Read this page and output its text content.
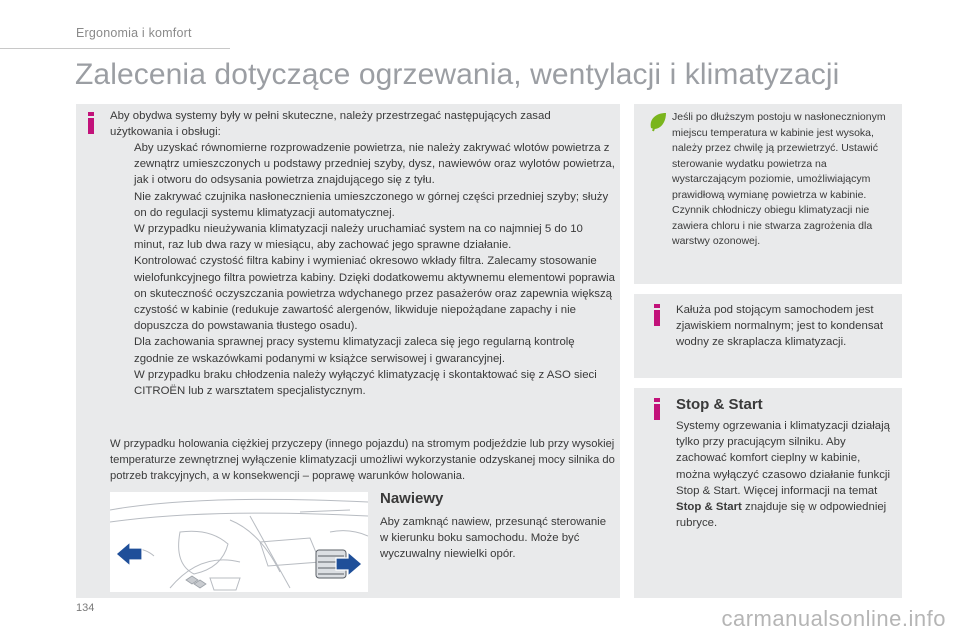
Ergonomia i komfort
Zalecenia dotyczące ogrzewania, wentylacji i klimatyzacji

Aby obydwa systemy były w pełni skuteczne, należy przestrzegać następujących zasad użytkowania i obsługi:

Aby uzyskać równomierne rozprowadzenie powietrza, nie należy zakrywać wlotów powietrza z zewnątrz umieszczonych u podstawy przedniej szyby, dysz, nawiewów oraz wylotów powietrza, jak i otworu do odsysania powietrza znajdującego się z tyłu.
Nie zakrywać czujnika nasłonecznienia umieszczonego w górnej części przedniej szyby; służy on do regulacji systemu klimatyzacji automatycznej.
W przypadku nieużywania klimatyzacji należy uruchamiać system na co najmniej 5 do 10 minut, raz lub dwa razy w miesiącu, aby zachować jego sprawne działanie.
Kontrolować czystość filtra kabiny i wymieniać okresowo wkłady filtra. Zalecamy stosowanie wielofunkcyjnego filtra powietrza kabiny. Dzięki dodatkowemu aktywnemu elementowi poprawia on skuteczność oczyszczania powietrza wdychanego przez pasażerów oraz zapewnia większą czystość w kabinie (redukuje zawartość alergenów, likwiduje niepożądane zapachy i nie dopuszcza do powstawania tłustego osadu).
Dla zachowania sprawnej pracy systemu klimatyzacji zaleca się jego regularną kontrolę zgodnie ze wskazówkami podanymi w książce serwisowej i gwarancyjnej.
W przypadku braku chłodzenia należy wyłączyć klimatyzację i skontaktować się z ASO sieci CITROËN lub z warsztatem specjalistycznym.

W przypadku holowania ciężkiej przyczepy (innego pojazdu) na stromym podjeździe lub przy wysokiej temperaturze zewnętrznej wyłączenie klimatyzacji umożliwi wykorzystanie odzyskanej mocy silnika do potrzeb trakcyjnych, a w konsekwencji – poprawę warunków holowania.

Nawiewy

Aby zamknąć nawiew, przesunąć sterowanie w kierunku boku samochodu. Może być wyczuwalny niewielki opór.

Jeśli po dłuższym postoju w nasłonecznionym miejscu temperatura w kabinie jest wysoka, należy przez chwilę ją przewietrzyć. Ustawić sterowanie wydatku powietrza na wystarczającym poziomie, umożliwiającym prawidłową wymianę powietrza w kabinie. Czynnik chłodniczy obiegu klimatyzacji nie zawiera chloru i nie stwarza zagrożenia dla warstwy ozonowej.

Kałuża pod stojącym samochodem jest zjawiskiem normalnym; jest to kondensat wodny ze skraplacza klimatyzacji.

Stop & Start

Systemy ogrzewania i klimatyzacji działają tylko przy pracującym silniku. Aby zachować komfort cieplny w kabinie, można wyłączyć czasowo działanie funkcji Stop & Start. Więcej informacji na temat Stop & Start znajduje się w odpowiedniej rubryce.

134	carmanualsonline.info
